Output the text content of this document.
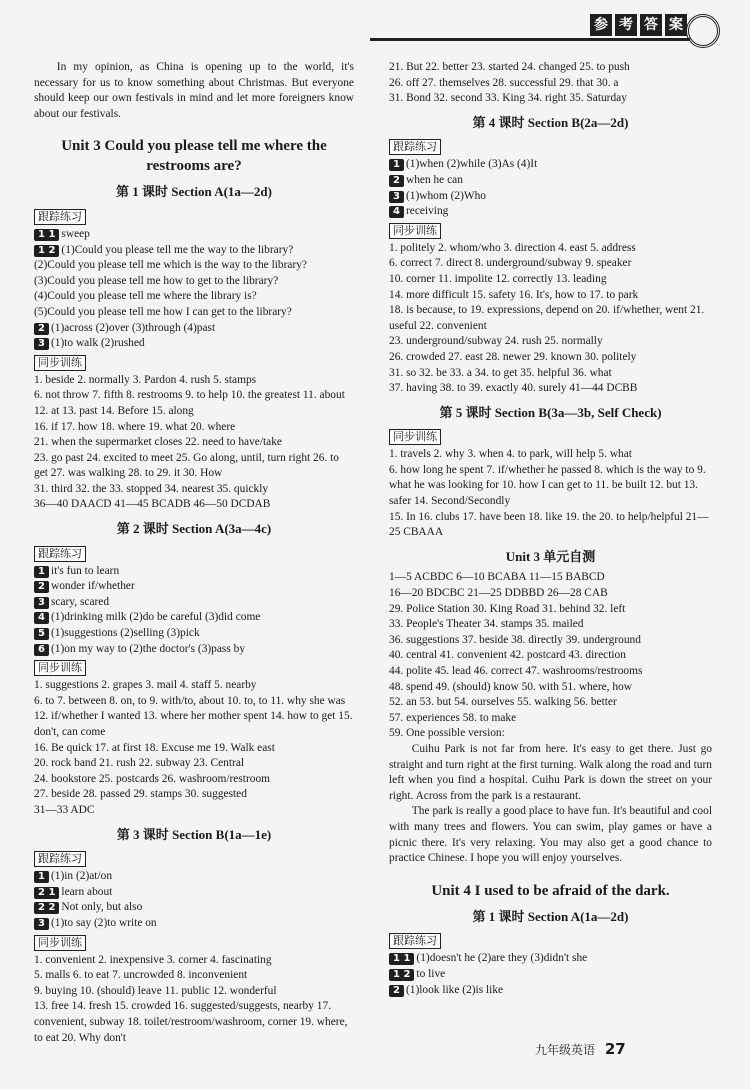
参 考 答 案

In my opinion, as China is opening up to the world, it's necessary for us to know something about Christmas. But everyone should keep our own festivals in mind and let more foreigners know about our festivals.

Unit 3 Could you please tell me where the restrooms are?
第 1 课时 Section A(1a—2d)
跟踪练习

1 1 sweep

1 2 (1)Could you please tell me the way to the library?

(2)Could you please tell me which is the way to the library?

(3)Could you please tell me how to get to the library?

(4)Could you please tell me where the library is?

(5)Could you please tell me how I can get to the library?

2 (1)across (2)over (3)through (4)past

3 (1)to walk (2)rushed

同步训练

1. beside 2. normally 3. Pardon 4. rush 5. stamps

6. not throw 7. fifth 8. restrooms 9. to help 10. the greatest 11. about 12. at 13. past 14. Before 15. along

16. if 17. how 18. where 19. what 20. where

21. when the supermarket closes 22. need to have/take

23. go past 24. excited to meet 25. Go along, until, turn right 26. to get 27. was walking 28. to 29. it 30. How

31. third 32. the 33. stopped 34. nearest 35. quickly

36—40 DAACD 41—45 BCADB 46—50 DCDAB

第 2 课时 Section A(3a—4c)
跟踪练习

1 it's fun to learn

2 wonder if/whether

3 scary, scared

4 (1)drinking milk (2)do be careful (3)did come

5 (1)suggestions (2)selling (3)pick

6 (1)on my way to (2)the doctor's (3)pass by

同步训练

1. suggestions 2. grapes 3. mail 4. staff 5. nearby

6. to 7. between 8. on, to 9. with/to, about 10. to, to 11. why she was 12. if/whether I wanted 13. where her mother spent 14. how to get 15. don't, can come

16. Be quick 17. at first 18. Excuse me 19. Walk east

20. rock band 21. rush 22. subway 23. Central

24. bookstore 25. postcards 26. washroom/restroom

27. beside 28. passed 29. stamps 30. suggested

31—33 ADC

第 3 课时 Section B(1a—1e)
跟踪练习

1 (1)in (2)at/on

2 1 learn about

2 2 Not only, but also

3 (1)to say (2)to write on

同步训练

1. convenient 2. inexpensive 3. corner 4. fascinating

5. malls 6. to eat 7. uncrowded 8. inconvenient

9. buying 10. (should) leave 11. public 12. wonderful

13. free 14. fresh 15. crowded 16. suggested/suggests, nearby 17. convenient, subway 18. toilet/restroom/washroom, corner 19. where, to eat 20. Why don't

21. But 22. better 23. started 24. changed 25. to push

26. off 27. themselves 28. successful 29. that 30. a

31. Bond 32. second 33. King 34. right 35. Saturday

第 4 课时 Section B(2a—2d)
跟踪练习

1 (1)when (2)while (3)As (4)It

2 when he can

3 (1)whom (2)Who

4 receiving

同步训练

1. politely 2. whom/who 3. direction 4. east 5. address

6. correct 7. direct 8. underground/subway 9. speaker

10. corner 11. impolite 12. correctly 13. leading

14. more difficult 15. safety 16. It's, how to 17. to park

18. is because, to 19. expressions, depend on 20. if/whether, went 21. useful 22. convenient

23. underground/subway 24. rush 25. normally

26. crowded 27. east 28. newer 29. known 30. politely

31. so 32. be 33. a 34. to get 35. helpful 36. what

37. having 38. to 39. exactly 40. surely 41—44 DCBB

第 5 课时 Section B(3a—3b, Self Check)
同步训练

1. travels 2. why 3. when 4. to park, will help 5. what

6. how long he spent 7. if/whether he passed 8. which is the way to 9. what he was looking for 10. how I can get to 11. be built 12. but 13. safer 14. Second/Secondly

15. In 16. clubs 17. have been 18. like 19. the 20. to help/helpful 21—25 CBAAA

Unit 3 单元自测

1—5 ACBDC 6—10 BCABA 11—15 BABCD

16—20 BDCBC 21—25 DDBBD 26—28 CAB

29. Police Station 30. King Road 31. behind 32. left

33. People's Theater 34. stamps 35. mailed

36. suggestions 37. beside 38. directly 39. underground

40. central 41. convenient 42. postcard 43. direction

44. polite 45. lead 46. correct 47. washrooms/restrooms

48. spend 49. (should) know 50. with 51. where, how

52. an 53. but 54. ourselves 55. walking 56. better

57. experiences 58. to make

59. One possible version:

Cuihu Park is not far from here. It's easy to get there. Just go straight and turn right at the first turning. Walk along the road and turn left when you find a hospital. Cuihu Park is down the street on your right. Across from the park is a restaurant.

The park is really a good place to have fun. It's beautiful and cool with many trees and flowers. You can swim, play games or have a picnic there. It's very relaxing. You may also get a good chance to practice Chinese. I hope you will enjoy yourselves.

Unit 4 I used to be afraid of the dark.
第 1 课时 Section A(1a—2d)
跟踪练习

1 1 (1)doesn't he (2)are they (3)didn't she

1 2 to live

2 (1)look like (2)is like

九年级英语 27
